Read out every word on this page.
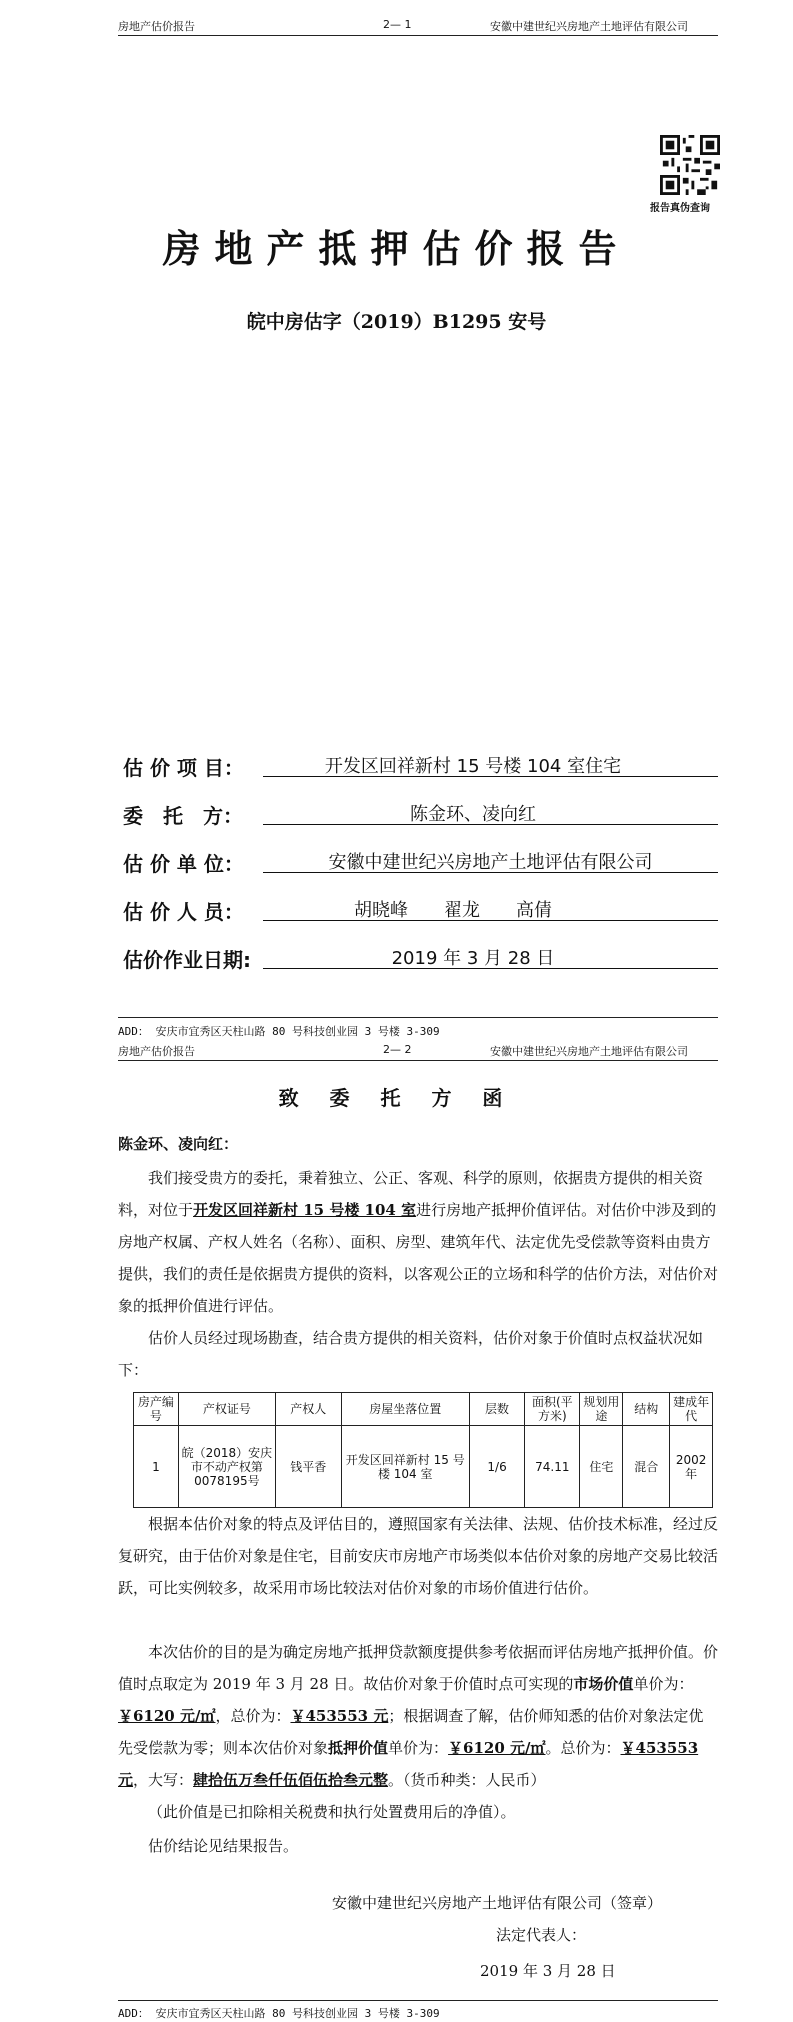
房地产估价报告	2— 1	安徽中建世纪兴房地产土地评估有限公司
报告真伪查询
房地产抵押估价报告
皖中房估字（2019）B1295 安号
估 价 项 目：	开发区回祥新村 15 号楼 104 室住宅
委　托　方：	陈金环、凌向红
估 价 单 位：	安徽中建世纪兴房地产土地评估有限公司
估 价 人 员：	胡晓峰　　翟龙　　高倩
估价作业日期:	2019 年 3 月 28 日
ADD： 安庆市宜秀区天柱山路 80 号科技创业园 3 号楼 3-309
房地产估价报告	2— 2	安徽中建世纪兴房地产土地评估有限公司
致 委 托 方 函
陈金环、凌向红：
我们接受贵方的委托，秉着独立、公正、客观、科学的原则，依据贵方提供的相关资料，对位于开发区回祥新村 15 号楼 104 室进行房地产抵押价值评估。对估价中涉及到的房地产权属、产权人姓名（名称）、面积、房型、建筑年代、法定优先受偿款等资料由贵方提供，我们的责任是依据贵方提供的资料，以客观公正的立场和科学的估价方法，对估价对象的抵押价值进行评估。
估价人员经过现场勘查，结合贵方提供的相关资料，估价对象于价值时点权益状况如下：
房产编号	产权证号	产权人	房屋坐落位置	层数	面积(平方米)	规划用途	结构	建成年代
1	皖（2018）安庆市不动产权第 0078195号	钱平香	开发区回祥新村 15 号楼 104 室	1/6	74.11	住宅	混合	2002 年
根据本估价对象的特点及评估目的，遵照国家有关法律、法规、估价技术标准，经过反复研究，由于估价对象是住宅，目前安庆市房地产市场类似本估价对象的房地产交易比较活跃，可比实例较多，故采用市场比较法对估价对象的市场价值进行估价。
本次估价的目的是为确定房地产抵押贷款额度提供参考依据而评估房地产抵押价值。价值时点取定为 2019 年 3 月 28 日。故估价对象于价值时点可实现的市场价值单价为：￥6120 元/㎡，总价为：￥453553 元；根据调查了解，估价师知悉的估价对象法定优先受偿款为零；则本次估价对象抵押价值单价为：￥6120 元/㎡。总价为：￥453553 元，大写：肆拾伍万叁仟伍佰伍拾叁元整。（货币种类：人民币）
（此价值是已扣除相关税费和执行处置费用后的净值）。
估价结论见结果报告。
安徽中建世纪兴房地产土地评估有限公司（签章）
法定代表人：
2019 年 3 月 28 日
ADD： 安庆市宜秀区天柱山路 80 号科技创业园 3 号楼 3-309
